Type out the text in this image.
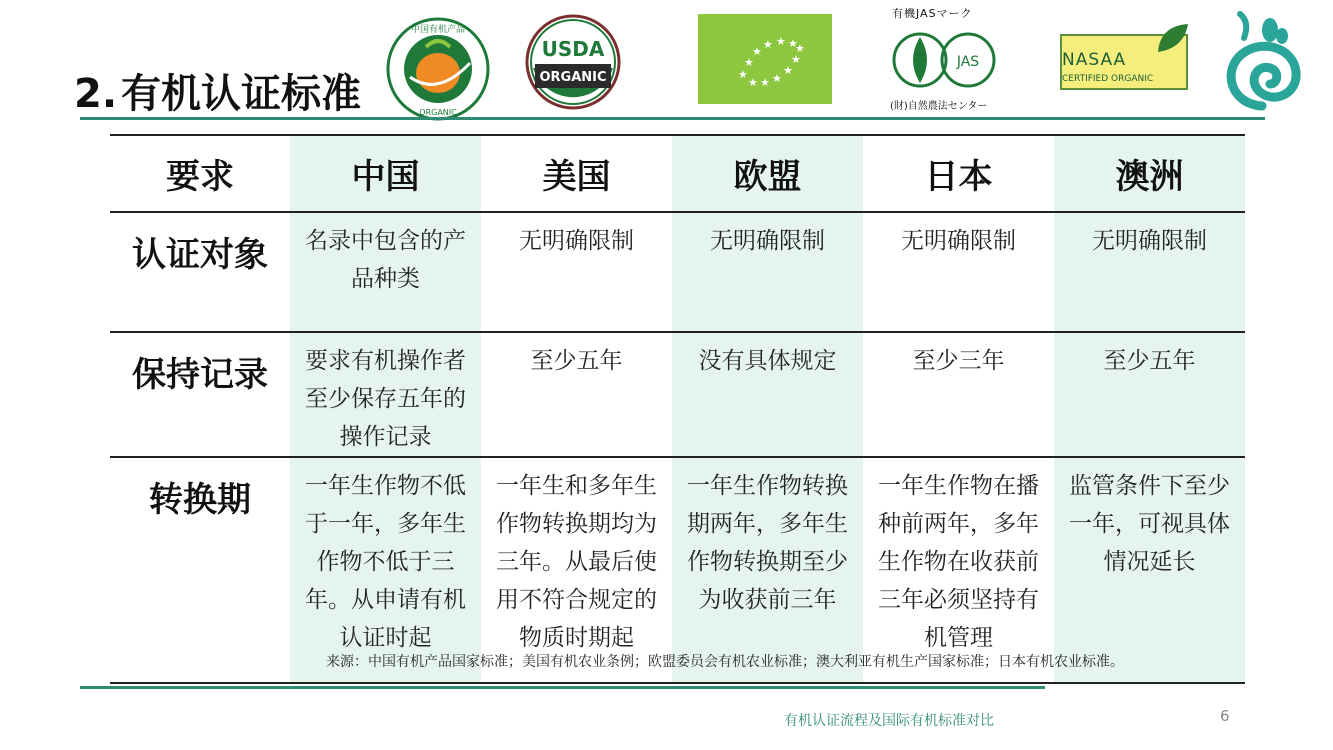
2. 有机认证标准
中国有机产品
ORGANIC
USDA
ORGANIC	★
★
★
★ ★ ★
★ ★ ★
★
★
★
有機JASマーク
JAS
(財)自然農法センター
NASAA
CERTIFIED ORGANIC
要求	中国	美国	欧盟	日本	澳洲
认证对象	名录中包含的产品种类	无明确限制	无明确限制	无明确限制	无明确限制

保持记录	要求有机操作者至少保存五年的操作记录	至少五年	没有具体规定	至少三年	至少五年

转换期	一年生作物不低于一年，多年生作物不低于三年。从申请有机认证时起	一年生和多年生作物转换期均为三年。从最后使用不符合规定的物质时期起	一年生作物转换期两年，多年生作物转换期至少为收获前三年	一年生作物在播种前两年，多年生作物在收获前三年必须坚持有机管理	监管条件下至少一年，可视具体情况延长
来源：中国有机产品国家标准；美国有机农业条例；欧盟委员会有机农业标准；澳大利亚有机生产国家标准；日本有机农业标准。
有机认证流程及国际有机标准对比	6
